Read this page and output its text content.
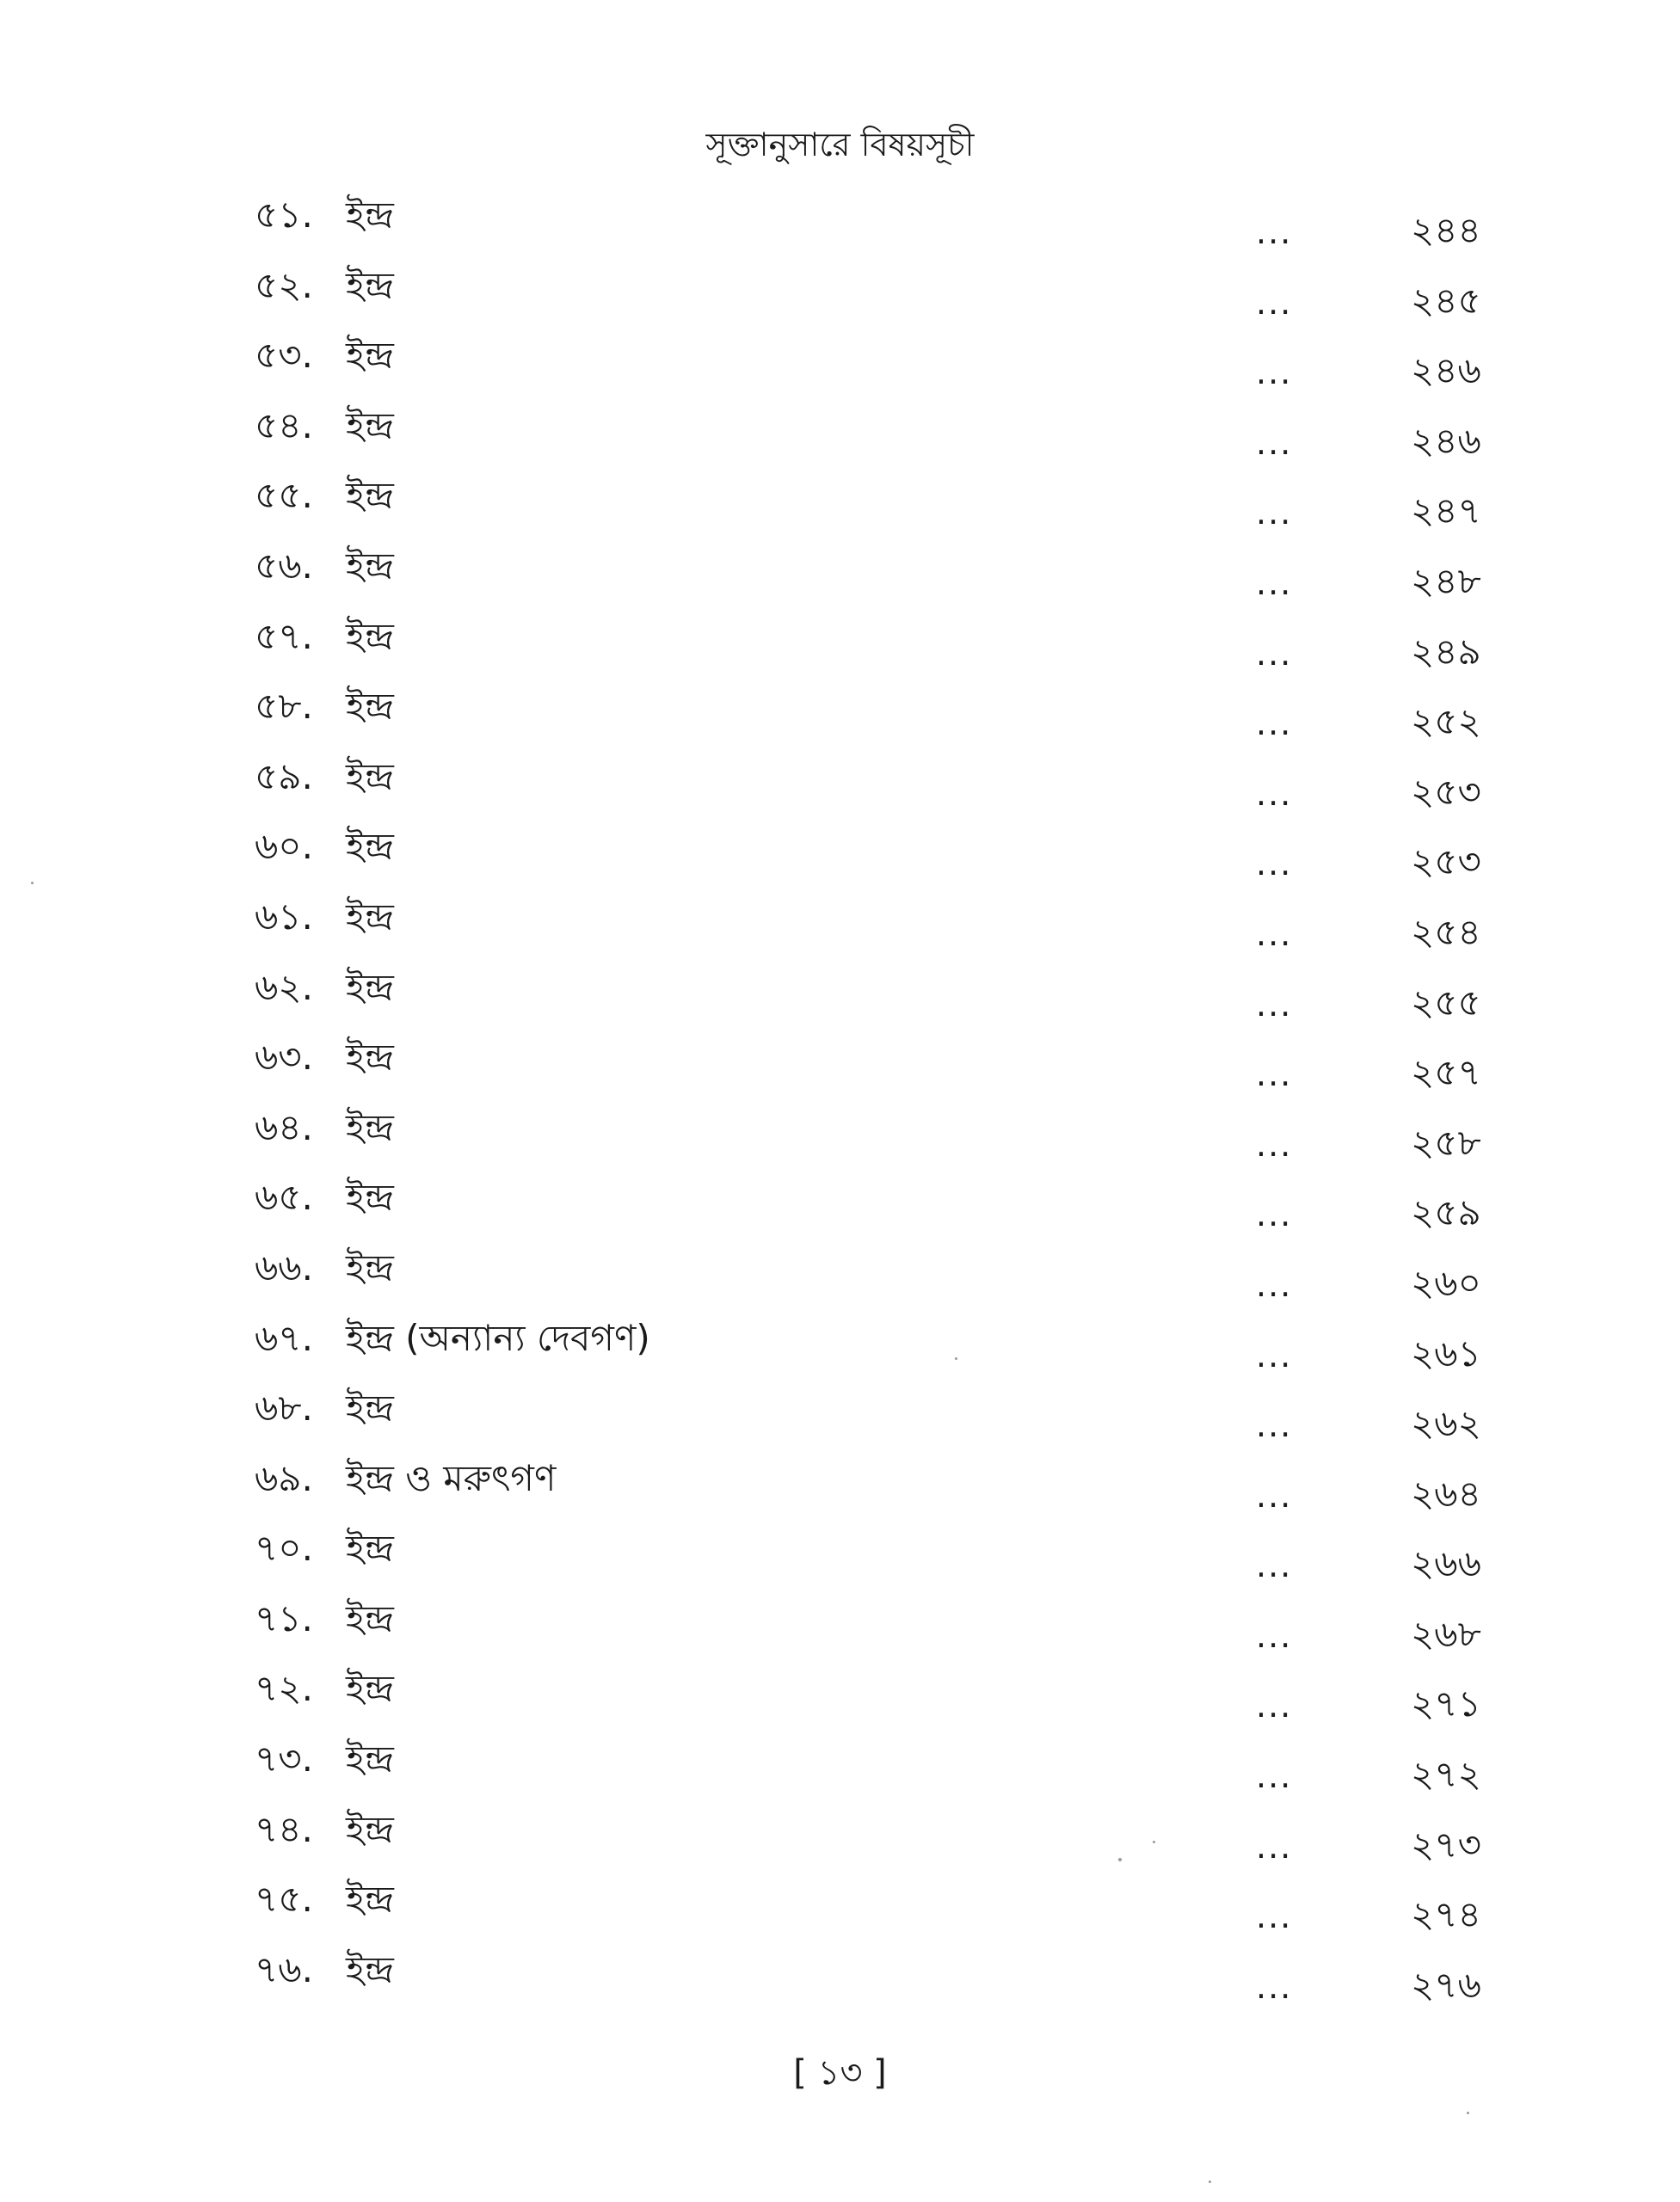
সূক্তানুসারে বিষয়সূচী
৫১. ইন্দ্র	...	২৪৪
৫২. ইন্দ্র	...	২৪৫
৫৩. ইন্দ্র	...	২৪৬
৫৪. ইন্দ্র	...	২৪৬
৫৫. ইন্দ্র	...	২৪৭
৫৬. ইন্দ্র	...	২৪৮
৫৭. ইন্দ্র	...	২৪৯
৫৮. ইন্দ্র	...	২৫২
৫৯. ইন্দ্র	...	২৫৩
৬০. ইন্দ্র	...	২৫৩
৬১. ইন্দ্র	...	২৫৪
৬২. ইন্দ্র	...	২৫৫
৬৩. ইন্দ্র	...	২৫৭
৬৪. ইন্দ্র	...	২৫৮
৬৫. ইন্দ্র	...	২৫৯
৬৬. ইন্দ্র	...	২৬০
৬৭. ইন্দ্র (অন্যান্য দেবগণ)	...	২৬১
৬৮. ইন্দ্র	...	২৬২
৬৯. ইন্দ্র ও মরুৎগণ	...	২৬৪
৭০. ইন্দ্র	...	২৬৬
৭১. ইন্দ্র	...	২৬৮
৭২. ইন্দ্র	...	২৭১
৭৩. ইন্দ্র	...	২৭২
৭৪. ইন্দ্র	...	২৭৩
৭৫. ইন্দ্র	...	২৭৪
৭৬. ইন্দ্র	...	২৭৬
[ ১৩ ]
